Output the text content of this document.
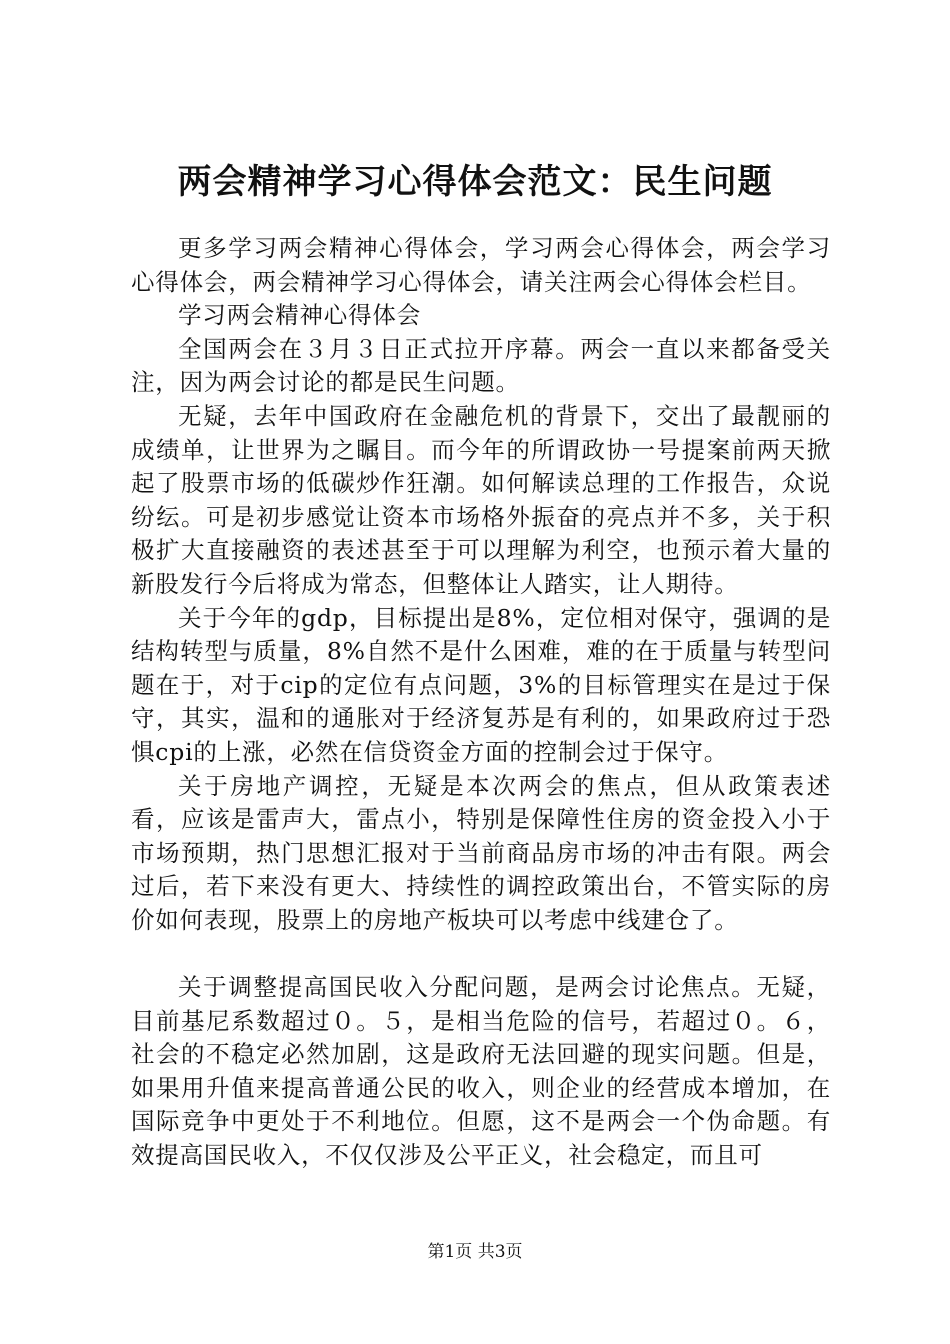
两会精神学习心得体会范文：民生问题

更多学习两会精神心得体会，学习两会心得体会，两会学习心得体会，两会精神学习心得体会，请关注两会心得体会栏目。

学习两会精神心得体会

全国两会在３月３日正式拉开序幕。两会一直以来都备受关注，因为两会讨论的都是民生问题。

无疑，去年中国政府在金融危机的背景下，交出了最靓丽的成绩单，让世界为之瞩目。而今年的所谓政协一号提案前两天掀起了股票市场的低碳炒作狂潮。如何解读总理的工作报告，众说纷纭。可是初步感觉让资本市场格外振奋的亮点并不多，关于积极扩大直接融资的表述甚至于可以理解为利空，也预示着大量的新股发行今后将成为常态，但整体让人踏实，让人期待。

关于今年的gdp，目标提出是8%，定位相对保守，强调的是结构转型与质量，8%自然不是什么困难，难的在于质量与转型问题在于，对于cip的定位有点问题，3%的目标管理实在是过于保守，其实，温和的通胀对于经济复苏是有利的，如果政府过于恐惧cpi的上涨，必然在信贷资金方面的控制会过于保守。

关于房地产调控，无疑是本次两会的焦点，但从政策表述看，应该是雷声大，雷点小，特别是保障性住房的资金投入小于市场预期，热门思想汇报对于当前商品房市场的冲击有限。两会过后，若下来没有更大、持续性的调控政策出台，不管实际的房价如何表现，股票上的房地产板块可以考虑中线建仓了。

关于调整提高国民收入分配问题，是两会讨论焦点。无疑，目前基尼系数超过０。５，是相当危险的信号，若超过０。６，社会的不稳定必然加剧，这是政府无法回避的现实问题。但是，如果用升值来提高普通公民的收入，则企业的经营成本增加，在国际竞争中更处于不利地位。但愿，这不是两会一个伪命题。有效提高国民收入，不仅仅涉及公平正义，社会稳定，而且可

第1页 共3页
